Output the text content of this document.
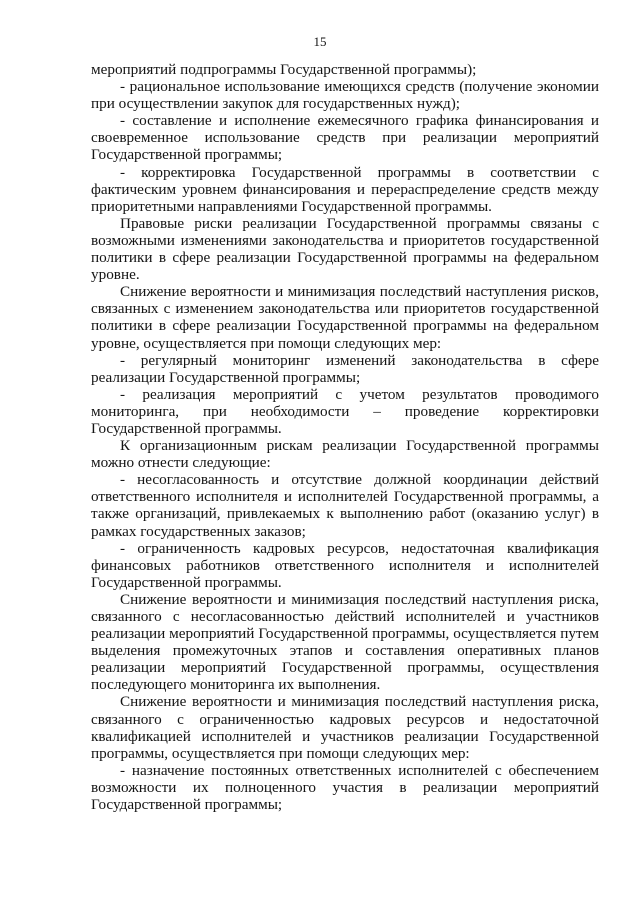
15

мероприятий подпрограммы Государственной программы);

- рациональное использование имеющихся средств (получение экономии при осуществлении закупок для государственных нужд);

- составление и исполнение ежемесячного графика финансирования и своевременное использование средств при реализации мероприятий Государственной программы;

- корректировка Государственной программы в соответствии с фактическим уровнем финансирования и перераспределение средств между приоритетными направлениями Государственной программы.

Правовые риски реализации Государственной программы связаны с возможными изменениями законодательства и приоритетов государственной политики в сфере реализации Государственной программы на федеральном уровне.

Снижение вероятности и минимизация последствий наступления рисков, связанных с изменением законодательства или приоритетов государственной политики в сфере реализации Государственной программы на федеральном уровне, осуществляется при помощи следующих мер:

- регулярный мониторинг изменений законодательства в сфере реализации Государственной программы;

- реализация мероприятий с учетом результатов проводимого мониторинга, при необходимости – проведение корректировки Государственной программы.

К организационным рискам реализации Государственной программы можно отнести следующие:

- несогласованность и отсутствие должной координации действий ответственного исполнителя и исполнителей Государственной программы, а также организаций, привлекаемых к выполнению работ (оказанию услуг) в рамках государственных заказов;

- ограниченность кадровых ресурсов, недостаточная квалификация финансовых работников ответственного исполнителя и исполнителей Государственной программы.

Снижение вероятности и минимизация последствий наступления риска, связанного с несогласованностью действий исполнителей и участников реализации мероприятий Государственной программы, осуществляется путем выделения промежуточных этапов и составления оперативных планов реализации мероприятий Государственной программы, осуществления последующего мониторинга их выполнения.

Снижение вероятности и минимизация последствий наступления риска, связанного с ограниченностью кадровых ресурсов и недостаточной квалификацией исполнителей и участников реализации Государственной программы, осуществляется при помощи следующих мер:

- назначение постоянных ответственных исполнителей с обеспечением возможности их полноценного участия в реализации мероприятий Государственной программы;
